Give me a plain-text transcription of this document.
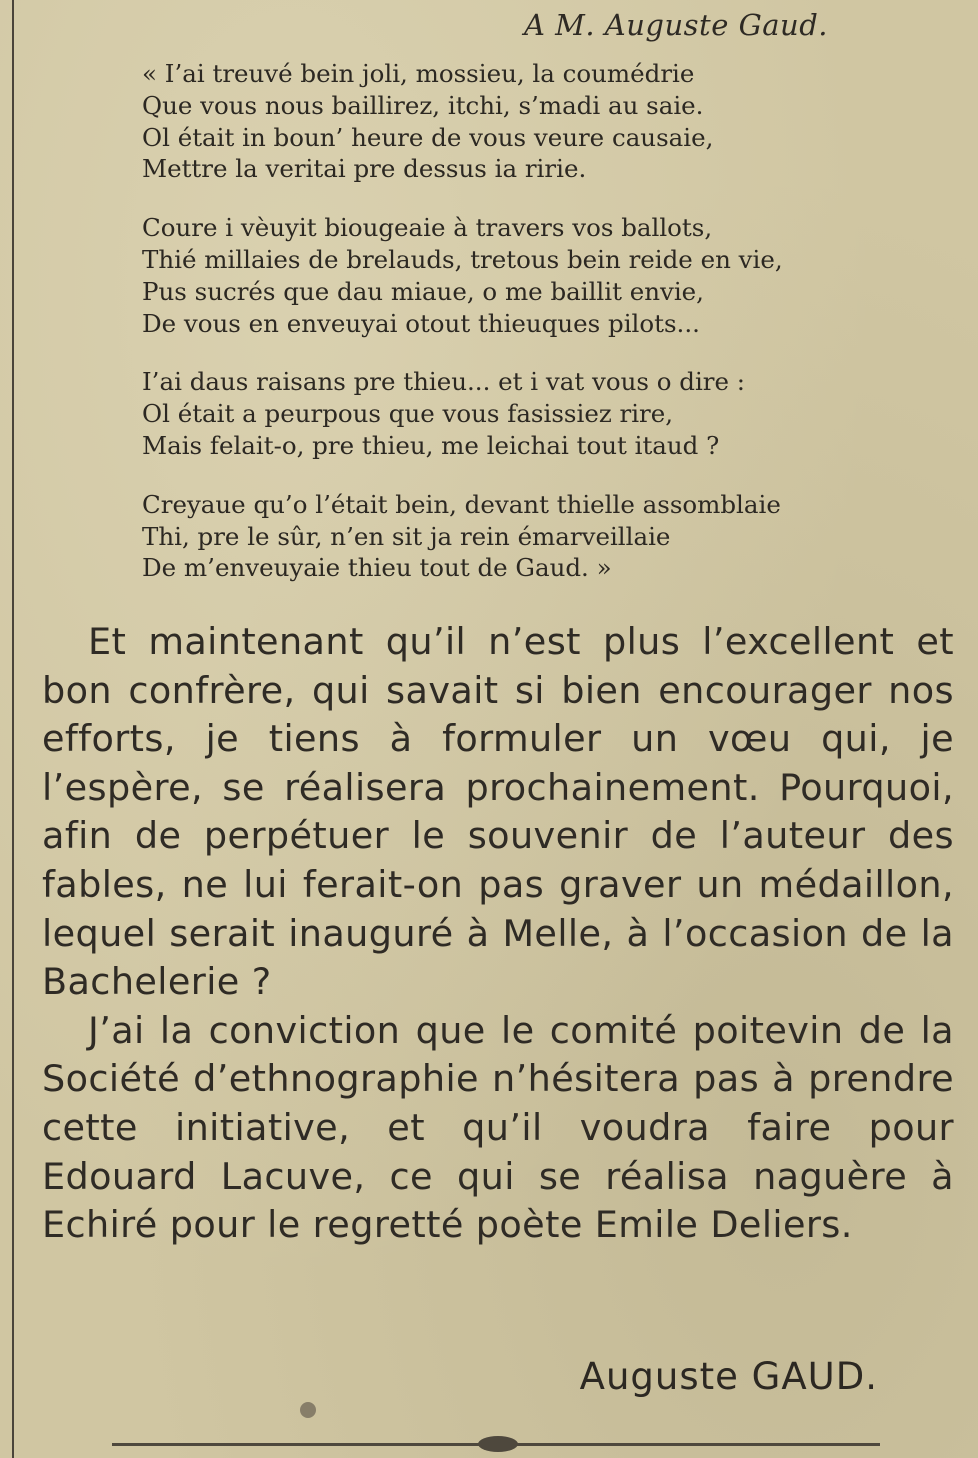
A M. Auguste Gaud.
« I’ai treuvé bein joli, mossieu, la coumédrie
Que vous nous baillirez, itchi, s’madi au saie.
Ol était in boun’ heure de vous veure causaie,
Mettre la veritai pre dessus ia ririe.
Coure i vèuyit biougeaie à travers vos ballots,
Thié millaies de brelauds, tretous bein reide en vie,
Pus sucrés que dau miaue, o me baillit envie,
De vous en enveuyai otout thieuques pilots...
I’ai daus raisans pre thieu... et i vat vous o dire :
Ol était a peurpous que vous fasissiez rire,
Mais felait-o, pre thieu, me leichai tout itaud ?
Creyaue qu’o l’était bein, devant thielle assomblaie
Thi, pre le sûr, n’en sit ja rein émarveillaie
De m’enveuyaie thieu tout de Gaud. »

Et maintenant qu’il n’est plus l’excellent et bon confrère, qui savait si bien encourager nos efforts, je tiens à formuler un vœu qui, je l’espère, se réalisera prochainement. Pourquoi, afin de perpétuer le souvenir de l’auteur des fables, ne lui ferait-on pas graver un médaillon, lequel serait inauguré à Melle, à l’occasion de la Bachelerie ?

J’ai la conviction que le comité poitevin de la Société d’ethnographie n’hésitera pas à prendre cette initiative, et qu’il voudra faire pour Edouard Lacuve, ce qui se réalisa naguère à Echiré pour le regretté poète Emile Deliers.

Auguste GAUD.
